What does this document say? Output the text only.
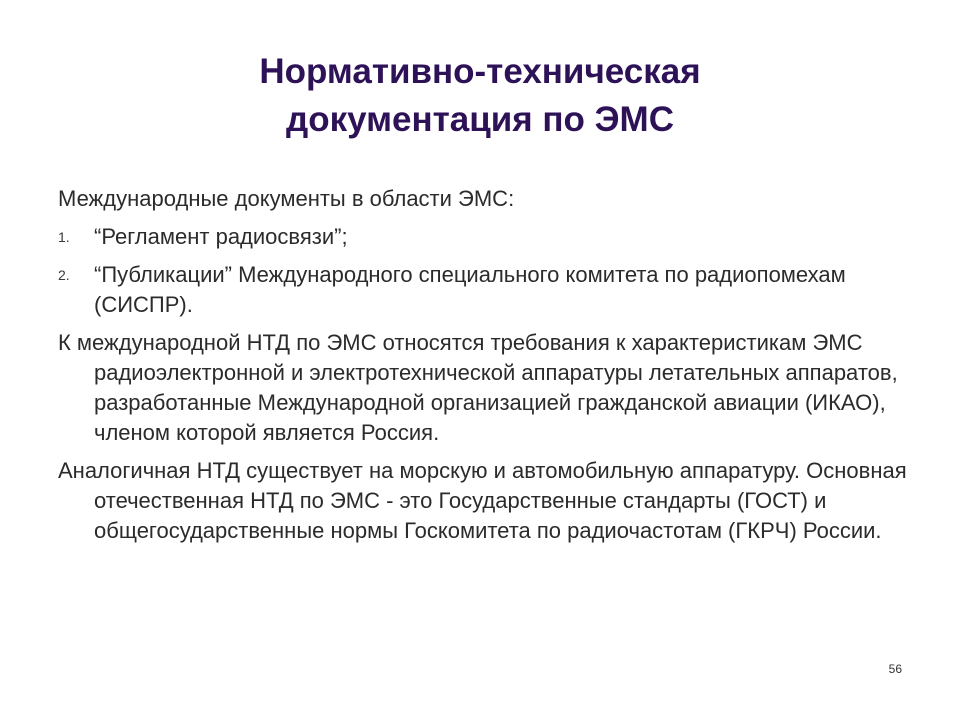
Нормативно-техническая
документация по ЭМС

Международные документы в области ЭМС:

1. “Регламент радиосвязи”;
2. “Публикации” Международного специального комитета по радиопомехам (СИСПР).

К международной НТД по ЭМС относятся требования к характеристикам ЭМС радиоэлектронной и электротехнической аппаратуры летательных аппаратов, разработанные Международной организацией гражданской авиации (ИКАО), членом которой является Россия.

Аналогичная НТД существует на морскую и автомобильную аппаратуру. Основная отечественная НТД по ЭМС - это Государственные стандарты (ГОСТ) и общегосударственные нормы Госкомитета по радиочастотам (ГКРЧ) России.

56
